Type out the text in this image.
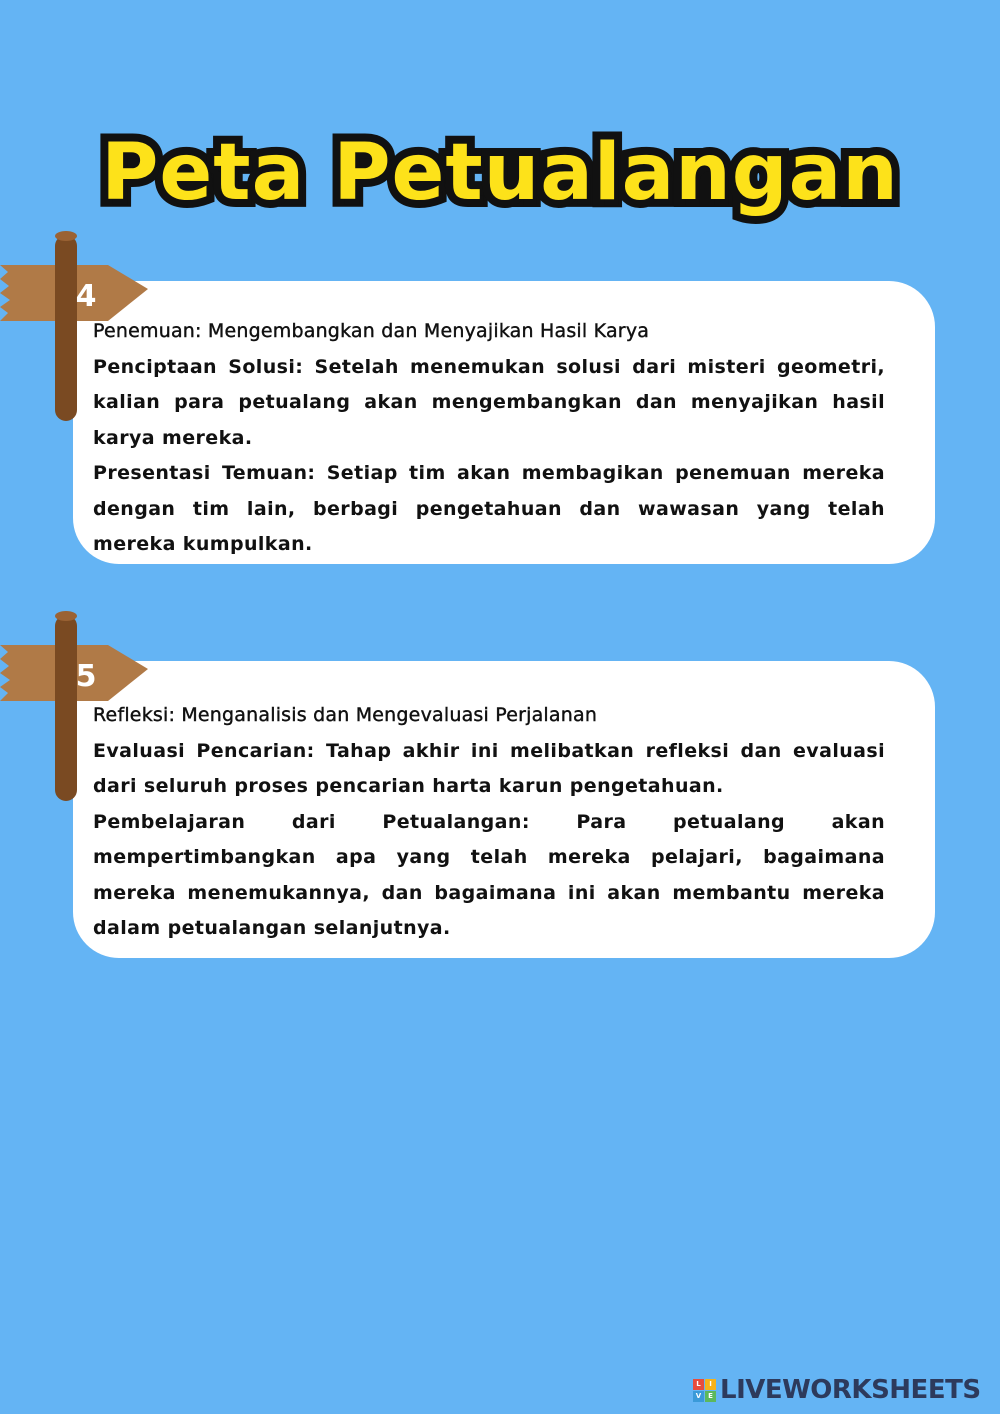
Peta Petualangan

Penemuan: Mengembangkan dan Menyajikan Hasil Karya

Penciptaan Solusi: Setelah menemukan solusi dari misteri geometri, kalian para petualang akan mengembangkan dan menyajikan hasil karya mereka.

Presentasi Temuan: Setiap tim akan membagikan penemuan mereka dengan tim lain, berbagi pengetahuan dan wawasan yang telah mereka kumpulkan.

4

Refleksi: Menganalisis dan Mengevaluasi Perjalanan

Evaluasi Pencarian: Tahap akhir ini melibatkan refleksi dan evaluasi dari seluruh proses pencarian harta karun pengetahuan.

Pembelajaran dari Petualangan: Para petualang akan mempertimbangkan apa yang telah mereka pelajari, bagaimana mereka menemukannya, dan bagaimana ini akan membantu mereka dalam petualangan selanjutnya.

5
L	I
V E LIVEWORKSHEETS
